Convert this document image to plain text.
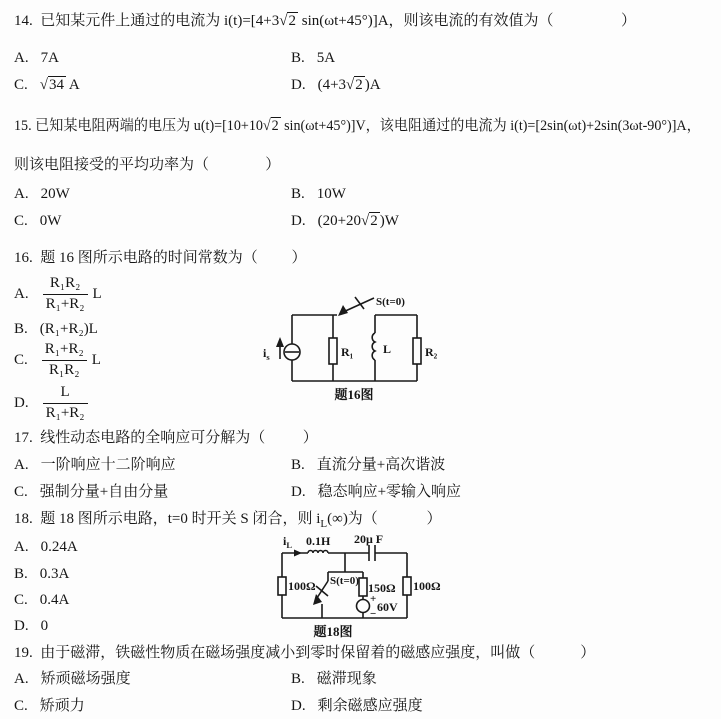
14.  已知某元件上通过的电流为 i(t)=[4+3√2 sin(ωt+45°)]A，则该电流的有效值为（                  ）
A. 7A	B. 5A
C. √34 A	D. (4+3√2 )A
15. 已知某电阻两端的电压为 u(t)=[10+10√2 sin(ωt+45°)]V，该电阻通过的电流为 i(t)=[2sin(ωt)+2sin(3ωt-90°)]A，
则该电阻接受的平均功率为（               ）
A. 20W	B. 10W
C. 0W	D. (20+20√2 )W
16.  题 16 图所示电路的时间常数为（         ）
A. $\frac{\text{R₁R₂}}{\text{R₁+R₂}}$ L
B. (R₁+R₂)L
C. $\frac{\text{R₁+R₂}}{\text{R₁R₂}}$ L
D. $\frac{L}{\text{R₁+R₂}}$
S(t=0)
$i_s$	R₁ L	R₂
题16图
17.  线性动态电路的全响应可分解为（          ）
A. 一阶响应十二阶响应	B. 直流分量+高次谐波
C. 强制分量+自由分量	D. 稳态响应+零输入响应
18.  题 18 图所示电路，t=0 时开关 S 闭合，则 $i_L(\infty)$为（             ）
A. 0.24A
B. 0.3A
C. 0.4A
D. 0
$i_L$ 0.1H 20μ F
100Ω S(t=0) 150Ω
+
− 60V
100Ω
题18图
19.  由于磁滞，铁磁性物质在磁场强度减小到零时保留着的磁感应强度，叫做（            ）
A. 矫顽磁场强度	B. 磁滞现象
C. 矫顽力	D. 剩余磁感应强度
